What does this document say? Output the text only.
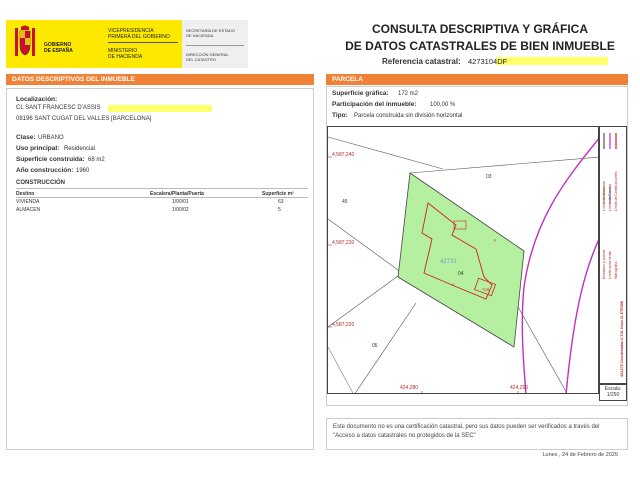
GOBIERNO
DE ESPAÑA
VICEPRESIDENCIA
PRIMERA DEL GOBIERNO
MINISTERIO
DE HACIENDA
SECRETARÍA DE ESTADO
DE HACIENDA
DIRECCIÓN GENERAL
DEL CATASTRO
CONSULTA DESCRIPTIVA Y GRÁFICA
DE DATOS CATASTRALES DE BIEN INMUEBLE
Referencia catastral: 4273104DF
DATOS DESCRIPTIVOS DEL INMUEBLE
Localización:
CL SANT FRANCESC D'ASSIS
08196 SANT CUGAT DEL VALLES [BARCELONA]
Clase: URBANO
Uso principal: Residencial
Superficie construida: 68 m2
Año construcción: 1960
CONSTRUCCIÓN
Destino	Escalera/Planta/Puerta	Superficie m²
VIVIENDA	1/00/01	63
ALMACEN	1/00/02	5
PARCELA
Superficie gráfica: 172 m2
Participación del inmueble: 100,00 %
Tipo: Parcela construida sin división horizontal
4,587,240
4,587,230
4,587,220
424,280	424,290
03
45
05
42731
04
TOR
V
P
Límite de Manzana Límite de Parcela Límite de Construcciones
Mobiliario y aceras Límite zona verde Hidrografía
424,275 Coordenadas U.T.M. Huso 31 ETRS89
Escala:
1/250
Este documento no es una certificación catastral, pero sus datos pueden ser verificados a través del "Acceso a datos catastrales no protegidos de la SEC"
Lunes , 24 de Febrero de 2025
